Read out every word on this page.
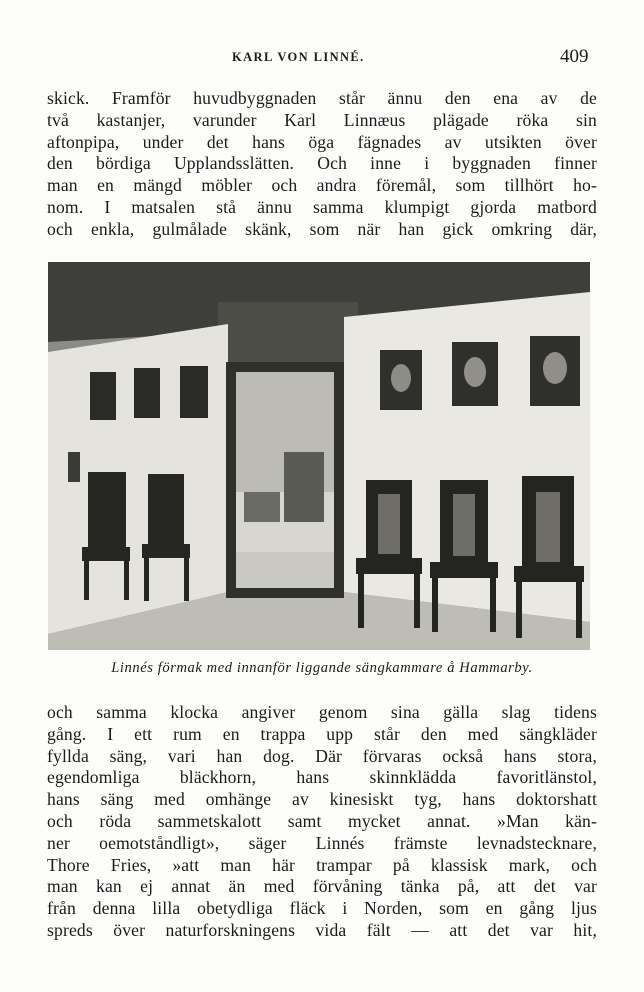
KARL VON LINNÉ.	409
skick. Framför huvudbyggnaden står ännu den ena av de
två kastanjer, varunder Karl Linnæus plägade röka sin
aftonpipa, under det hans öga fägnades av utsikten över
den bördiga Upplandsslätten. Och inne i byggnaden finner
man en mängd möbler och andra föremål, som tillhört ho-
nom. I matsalen stå ännu samma klumpigt gjorda matbord
och enkla, gulmålade skänk, som när han gick omkring där,
Linnés förmak med innanför liggande sängkammare å Hammarby.
och samma klocka angiver genom sina gälla slag tidens
gång. I ett rum en trappa upp står den med sängkläder
fyllda säng, vari han dog. Där förvaras också hans stora,
egendomliga bläckhorn, hans skinnklädda favoritlänstol,
hans säng med omhänge av kinesiskt tyg, hans doktorshatt
och röda sammetskalott samt mycket annat. »Man kän-
ner oemotståndligt», säger Linnés främste levnadstecknare,
Thore Fries, »att man här trampar på klassisk mark, och
man kan ej annat än med förvåning tänka på, att det var
från denna lilla obetydliga fläck i Norden, som en gång ljus
spreds över naturforskningens vida fält — att det var hit,
